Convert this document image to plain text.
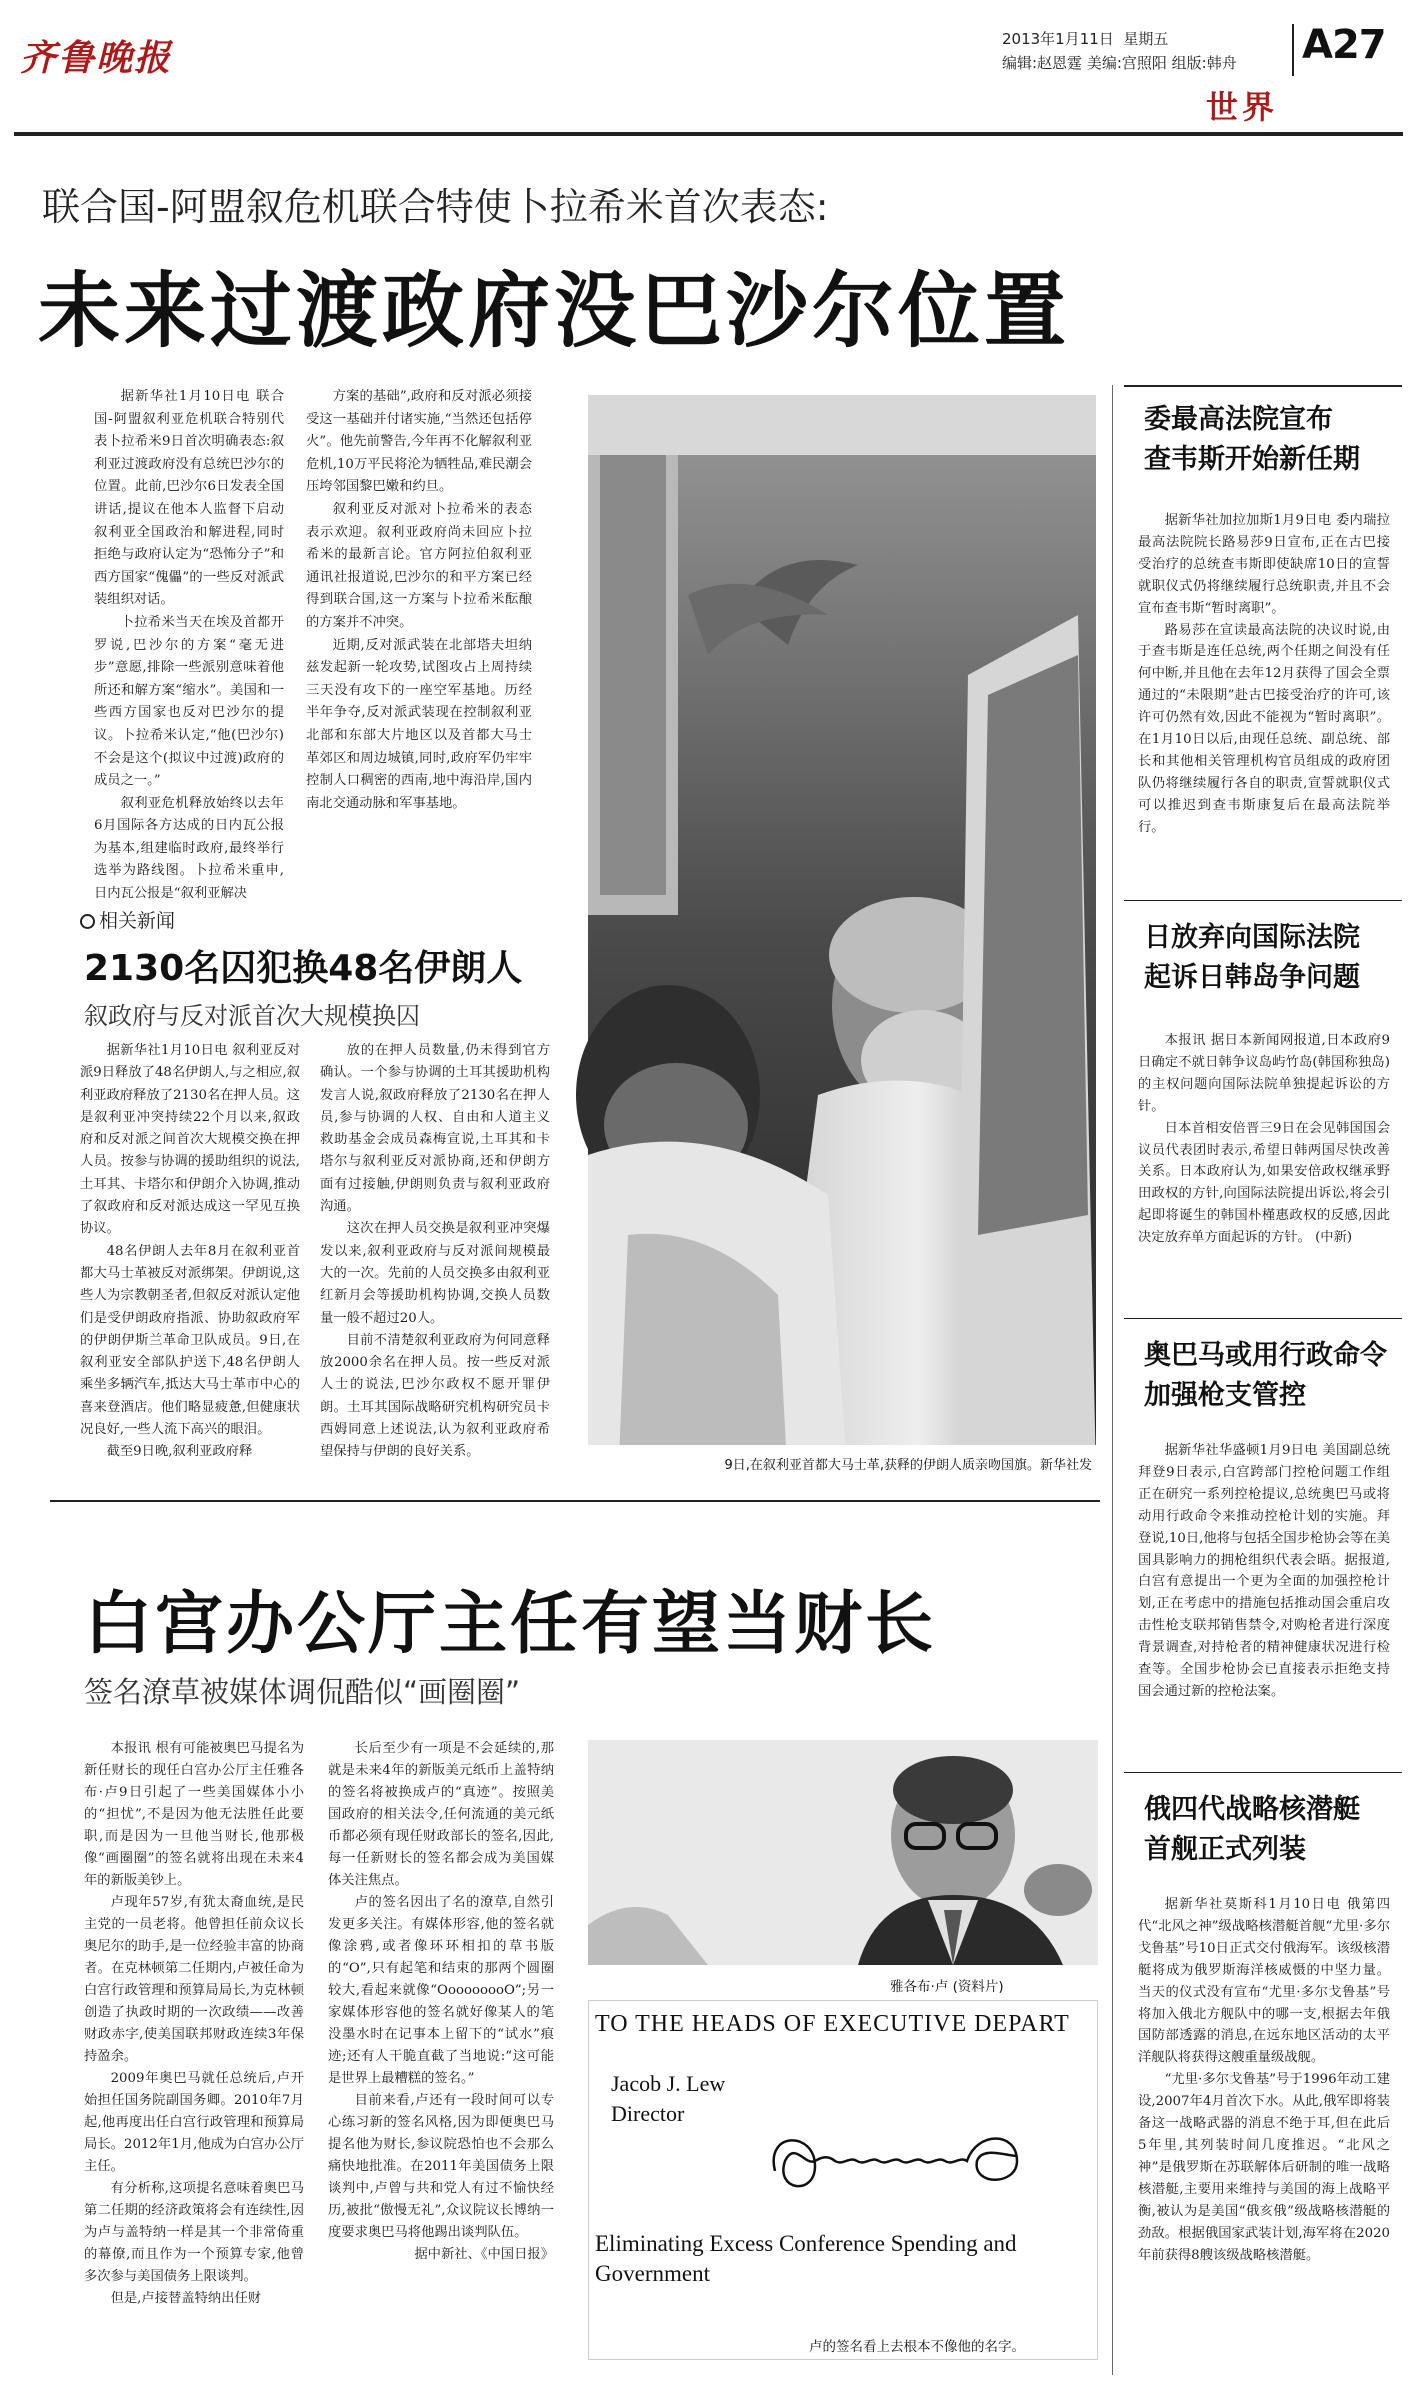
齐鲁晚报	2013年1月11日 星期五
编辑:赵恩霆 美编:宫照阳 组版:韩舟 A27
世界
联合国-阿盟叙危机联合特使卜拉希米首次表态:
未来过渡政府没巴沙尔位置

据新华社1月10日电 联合国-阿盟叙利亚危机联合特别代表卜拉希米9日首次明确表态:叙利亚过渡政府没有总统巴沙尔的位置。此前,巴沙尔6日发表全国讲话,提议在他本人监督下启动叙利亚全国政治和解进程,同时拒绝与政府认定为“恐怖分子”和西方国家“傀儡”的一些反对派武装组织对话。

卜拉希米当天在埃及首都开罗说,巴沙尔的方案“毫无进步”意愿,排除一些派别意味着他所还和解方案“缩水”。美国和一些西方国家也反对巴沙尔的提议。卜拉希米认定,“他(巴沙尔)不会是这个(拟议中过渡)政府的成员之一。”

叙利亚危机释放始终以去年6月国际各方达成的日内瓦公报为基本,组建临时政府,最终举行选举为路线图。卜拉希米重申,日内瓦公报是“叙利亚解决

方案的基础”,政府和反对派必须接受这一基础并付诸实施,“当然还包括停火”。他先前警告,今年再不化解叙利亚危机,10万平民将沦为牺牲品,难民潮会压垮邻国黎巴嫩和约旦。

叙利亚反对派对卜拉希米的表态表示欢迎。叙利亚政府尚未回应卜拉希米的最新言论。官方阿拉伯叙利亚通讯社报道说,巴沙尔的和平方案已经得到联合国,这一方案与卜拉希米酝酿的方案并不冲突。

近期,反对派武装在北部塔夫坦纳兹发起新一轮攻势,试图攻占上周持续三天没有攻下的一座空军基地。历经半年争夺,反对派武装现在控制叙利亚北部和东部大片地区以及首都大马士革郊区和周边城镇,同时,政府军仍牢牢控制人口稠密的西南,地中海沿岸,国内南北交通动脉和军事基地。

9日,在叙利亚首都大马士革,获释的伊朗人质亲吻国旗。新华社发
相关新闻
2130名囚犯换48名伊朗人
叙政府与反对派首次大规模换囚

据新华社1月10日电 叙利亚反对派9日释放了48名伊朗人,与之相应,叙利亚政府释放了2130名在押人员。这是叙利亚冲突持续22个月以来,叙政府和反对派之间首次大规模交换在押人员。按参与协调的援助组织的说法,土耳其、卡塔尔和伊朗介入协调,推动了叙政府和反对派达成这一罕见互换协议。

48名伊朗人去年8月在叙利亚首都大马士革被反对派绑架。伊朗说,这些人为宗教朝圣者,但叙反对派认定他们是受伊朗政府指派、协助叙政府军的伊朗伊斯兰革命卫队成员。9日,在叙利亚安全部队护送下,48名伊朗人乘坐多辆汽车,抵达大马士革市中心的喜来登酒店。他们略显疲惫,但健康状况良好,一些人流下高兴的眼泪。

截至9日晚,叙利亚政府释

放的在押人员数量,仍未得到官方确认。一个参与协调的土耳其援助机构发言人说,叙政府释放了2130名在押人员,参与协调的人权、自由和人道主义救助基金会成员森梅宣说,土耳其和卡塔尔与叙利亚反对派协商,还和伊朗方面有过接触,伊朗则负责与叙利亚政府沟通。

这次在押人员交换是叙利亚冲突爆发以来,叙利亚政府与反对派间规模最大的一次。先前的人员交换多由叙利亚红新月会等援助机构协调,交换人员数量一般不超过20人。

目前不清楚叙利亚政府为何同意释放2000余名在押人员。按一些反对派人士的说法,巴沙尔政权不愿开罪伊朗。土耳其国际战略研究机构研究员卡西姆同意上述说法,认为叙利亚政府希望保持与伊朗的良好关系。

白宫办公厅主任有望当财长
签名潦草被媒体调侃酷似“画圈圈”

本报讯 根有可能被奥巴马提名为新任财长的现任白宫办公厅主任雅各布·卢9日引起了一些美国媒体小小的“担忧”,不是因为他无法胜任此要职,而是因为一旦他当财长,他那极像“画圈圈”的签名就将出现在未来4年的新版美钞上。

卢现年57岁,有犹太裔血统,是民主党的一员老将。他曾担任前众议长奥尼尔的助手,是一位经验丰富的协商者。在克林顿第二任期内,卢被任命为白宫行政管理和预算局局长,为克林顿创造了执政时期的一次政绩——改善财政赤字,使美国联邦财政连续3年保持盈余。

2009年奥巴马就任总统后,卢开始担任国务院副国务卿。2010年7月起,他再度出任白宫行政管理和预算局局长。2012年1月,他成为白宫办公厅主任。

有分析称,这项提名意味着奥巴马第二任期的经济政策将会有连续性,因为卢与盖特纳一样是其一个非常倚重的幕僚,而且作为一个预算专家,他曾多次参与美国债务上限谈判。

但是,卢接替盖特纳出任财

长后至少有一项是不会延续的,那就是未来4年的新版美元纸币上盖特纳的签名将被换成卢的“真迹”。按照美国政府的相关法令,任何流通的美元纸币都必须有现任财政部长的签名,因此,每一任新财长的签名都会成为美国媒体关注焦点。

卢的签名因出了名的潦草,自然引发更多关注。有媒体形容,他的签名就像涂鸦,或者像环环相扣的草书版的“O”,只有起笔和结束的那两个圆圈较大,看起来就像“OoooooooO”;另一家媒体形容他的签名就好像某人的笔没墨水时在记事本上留下的“试水”痕迹;还有人干脆直截了当地说:“这可能是世界上最糟糕的签名。”

目前来看,卢还有一段时间可以专心练习新的签名风格,因为即便奥巴马提名他为财长,参议院恐怕也不会那么痛快地批准。在2011年美国债务上限谈判中,卢曾与共和党人有过不愉快经历,被批“傲慢无礼”,众议院议长博纳一度要求奥巴马将他踢出谈判队伍。

据中新社、《中国日报》

雅各布·卢 (资料片)
TO THE HEADS OF EXECUTIVE DEPART
Jacob J. Lew
Director
Eliminating Excess Conference Spending and
Government
卢的签名看上去根本不像他的名字。
委最高法院宣布
查韦斯开始新任期

据新华社加拉加斯1月9日电 委内瑞拉最高法院院长路易莎9日宣布,正在古巴接受治疗的总统查韦斯即使缺席10日的宣誓就职仪式仍将继续履行总统职责,并且不会宣布查韦斯“暂时离职”。

路易莎在宣读最高法院的决议时说,由于查韦斯是连任总统,两个任期之间没有任何中断,并且他在去年12月获得了国会全票通过的“未限期”赴古巴接受治疗的许可,该许可仍然有效,因此不能视为“暂时离职”。在1月10日以后,由现任总统、副总统、部长和其他相关管理机构官员组成的政府团队仍将继续履行各自的职责,宣誓就职仪式可以推迟到查韦斯康复后在最高法院举行。

日放弃向国际法院
起诉日韩岛争问题

本报讯 据日本新闻网报道,日本政府9日确定不就日韩争议岛屿竹岛(韩国称独岛)的主权问题向国际法院单独提起诉讼的方针。

日本首相安倍晋三9日在会见韩国国会议员代表团时表示,希望日韩两国尽快改善关系。日本政府认为,如果安倍政权继承野田政权的方针,向国际法院提出诉讼,将会引起即将诞生的韩国朴槿惠政权的反感,因此决定放弃单方面起诉的方针。 (中新)

奥巴马或用行政命令
加强枪支管控

据新华社华盛顿1月9日电 美国副总统拜登9日表示,白宫跨部门控枪问题工作组正在研究一系列控枪提议,总统奥巴马或将动用行政命令来推动控枪计划的实施。拜登说,10日,他将与包括全国步枪协会等在美国具影响力的拥枪组织代表会晤。据报道,白宫有意提出一个更为全面的加强控枪计划,正在考虑中的措施包括推动国会重启攻击性枪支联邦销售禁令,对购枪者进行深度背景调查,对持枪者的精神健康状况进行检查等。全国步枪协会已直接表示拒绝支持国会通过新的控枪法案。

俄四代战略核潜艇
首舰正式列装

据新华社莫斯科1月10日电 俄第四代“北风之神”级战略核潜艇首舰“尤里·多尔戈鲁基”号10日正式交付俄海军。该级核潜艇将成为俄罗斯海洋核威慑的中坚力量。当天的仪式没有宣布“尤里·多尔戈鲁基”号将加入俄北方舰队中的哪一支,根据去年俄国防部透露的消息,在远东地区活动的太平洋舰队将获得这艘重量级战舰。

“尤里·多尔戈鲁基”号于1996年动工建设,2007年4月首次下水。从此,俄军即将装备这一战略武器的消息不绝于耳,但在此后5年里,其列装时间几度推迟。“北风之神”是俄罗斯在苏联解体后研制的唯一战略核潜艇,主要用来维持与美国的海上战略平衡,被认为是美国“俄亥俄”级战略核潜艇的劲敌。根据俄国家武装计划,海军将在2020年前获得8艘该级战略核潜艇。
